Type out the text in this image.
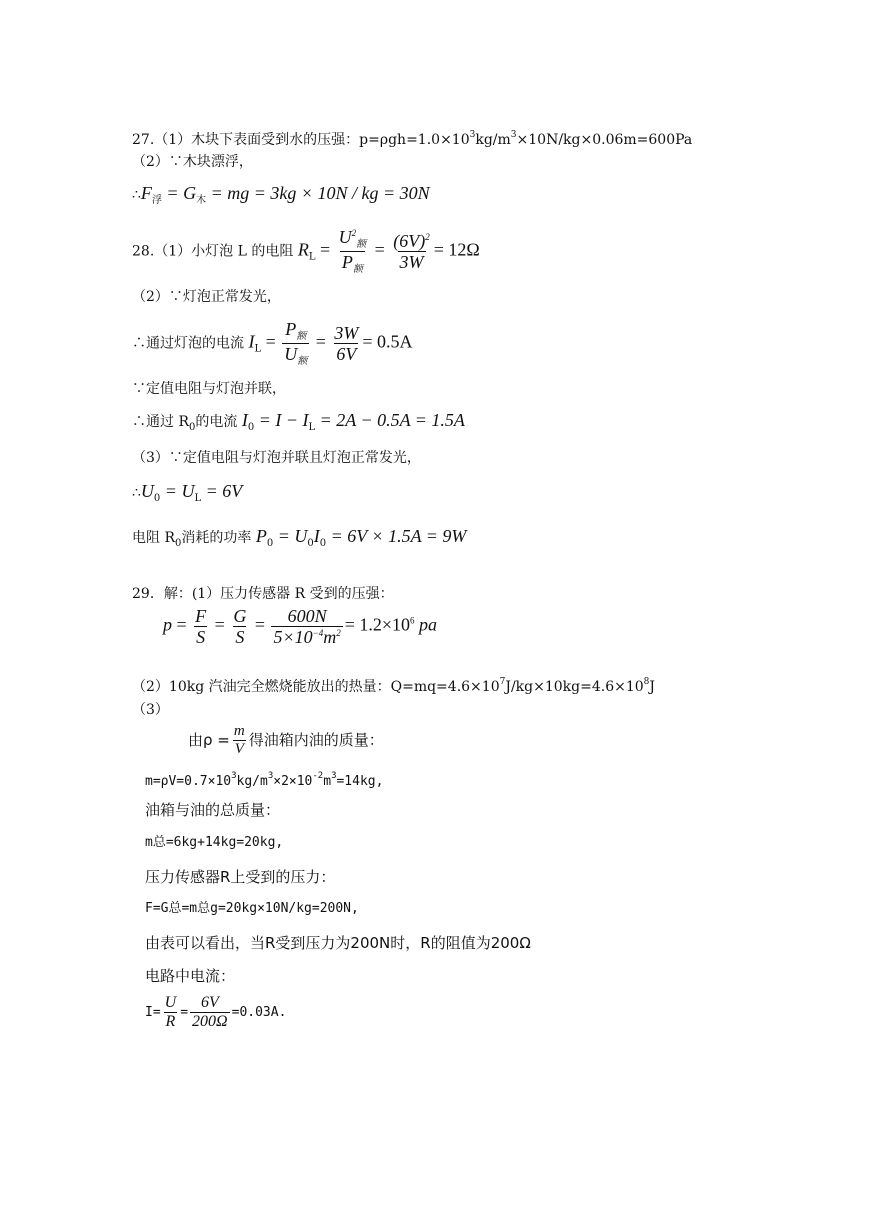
27.（1）木块下表面受到水的压强：$p=\rho gh=1.0\times 10^3kg/m^3\times 10N/kg\times 0.06m=600Pa$
（2）∵木块漂浮，
$\therefore F_浮 = G_木$ = mg = 3kg × 10N / kg = 30N
28.（1）小灯泡 L 的电阻 $R_L = \frac{U^2_额}{P_额} = \frac{(6V)^2}{3W} = 12\Omega$
（2）∵灯泡正常发光，
∴通过灯泡的电流 $I_L = \frac{P_额}{U_额} = \frac{3W}{6V} = 0.5A$
∵定值电阻与灯泡并联，
∴通过 $R_0$的电流 $I_0 = I - I_L = 2A - 0.5A = 1.5A$
（3）∵定值电阻与灯泡并联且灯泡正常发光，
$\therefore U_0 = U_L = 6V$
电阻 $R_0$消耗的功率 $P_0 = U_0I_0 = 6V \times 1.5A = 9W$
29．解：(1）压力传感器 R 受到的压强：
$p = \frac{F}{S} = \frac{G}{S} = \frac{600N}{5\times 10^{-4}m^2} = 1.2\times 10^6$ pa
（2）10kg 汽油完全燃烧能放出的热量：$Q=mq=4.6\times 10^7J/kg\times 10kg=4.6\times 10^8J$
（3）
由$\rho = \frac{m}{V}$ 得油箱内油的质量：
$m=\rho V=0.7\times 10^3kg/m^3\times 2\times 10^{-2}m^3=14kg$,
油箱与油的总质量：
m总=6kg+14kg=20kg,
压力传感器R上受到的压力：
F=G总=m总g=20kg×10N/kg=200N,
由表可以看出，当R受到压力为200N时，R的阻值为200Ω
电路中电流：
$I= \frac{U}{R} = \frac{6V}{200\Omega} =0.03A$.
